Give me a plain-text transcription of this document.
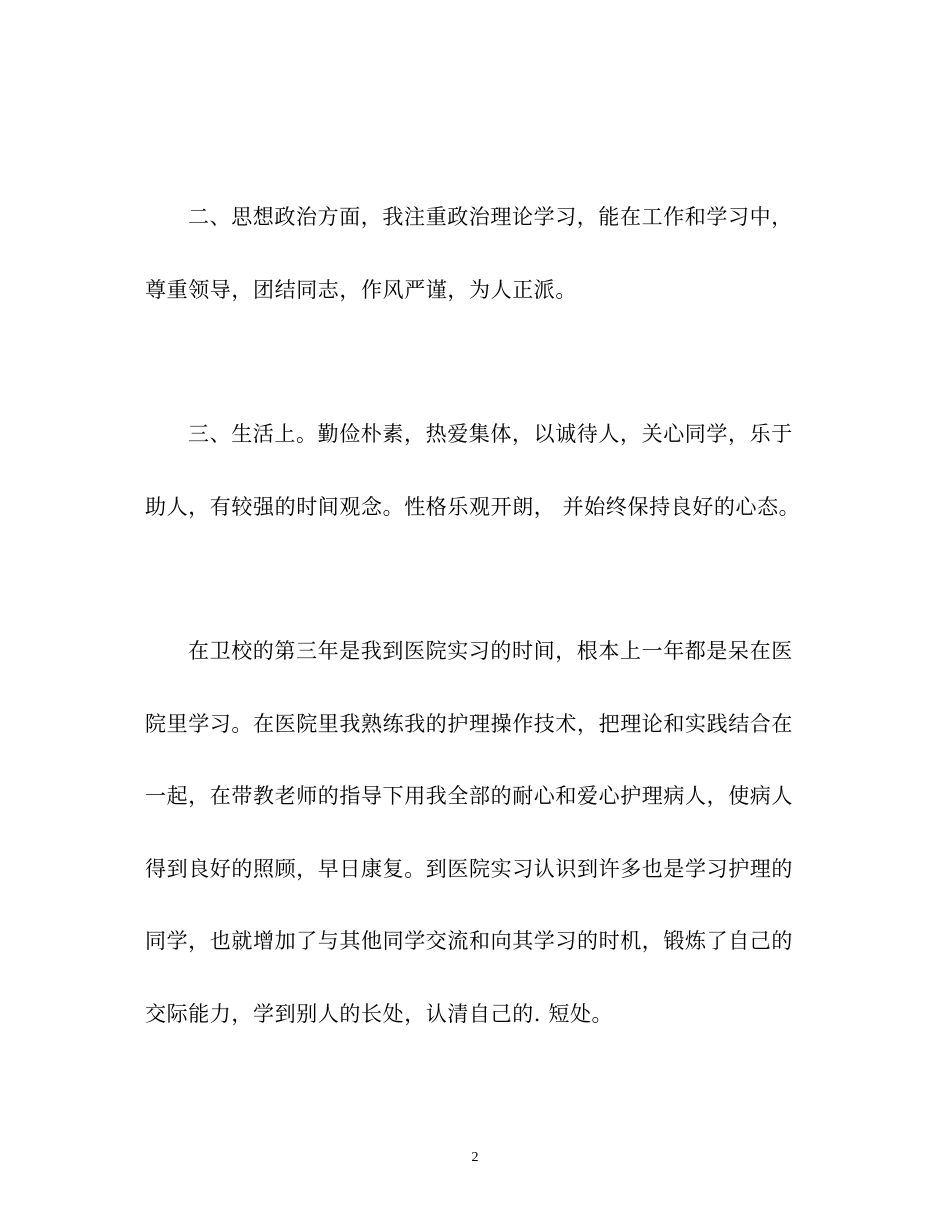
二、思想政治方面，我注重政治理论学习，能在工作和学习中，
尊重领导，团结同志，作风严谨，为人正派。
三、生活上。勤俭朴素，热爱集体，以诚待人，关心同学，乐于
助人，有较强的时间观念。性格乐观开朗， 并始终保持良好的心态。
在卫校的第三年是我到医院实习的时间，根本上一年都是呆在医
院里学习。在医院里我熟练我的护理操作技术，把理论和实践结合在
一起，在带教老师的指导下用我全部的耐心和爱心护理病人，使病人
得到良好的照顾，早日康复。到医院实习认识到许多也是学习护理的
同学，也就增加了与其他同学交流和向其学习的时机，锻炼了自己的
交际能力，学到别人的长处，认清自己的. 短处。
2
